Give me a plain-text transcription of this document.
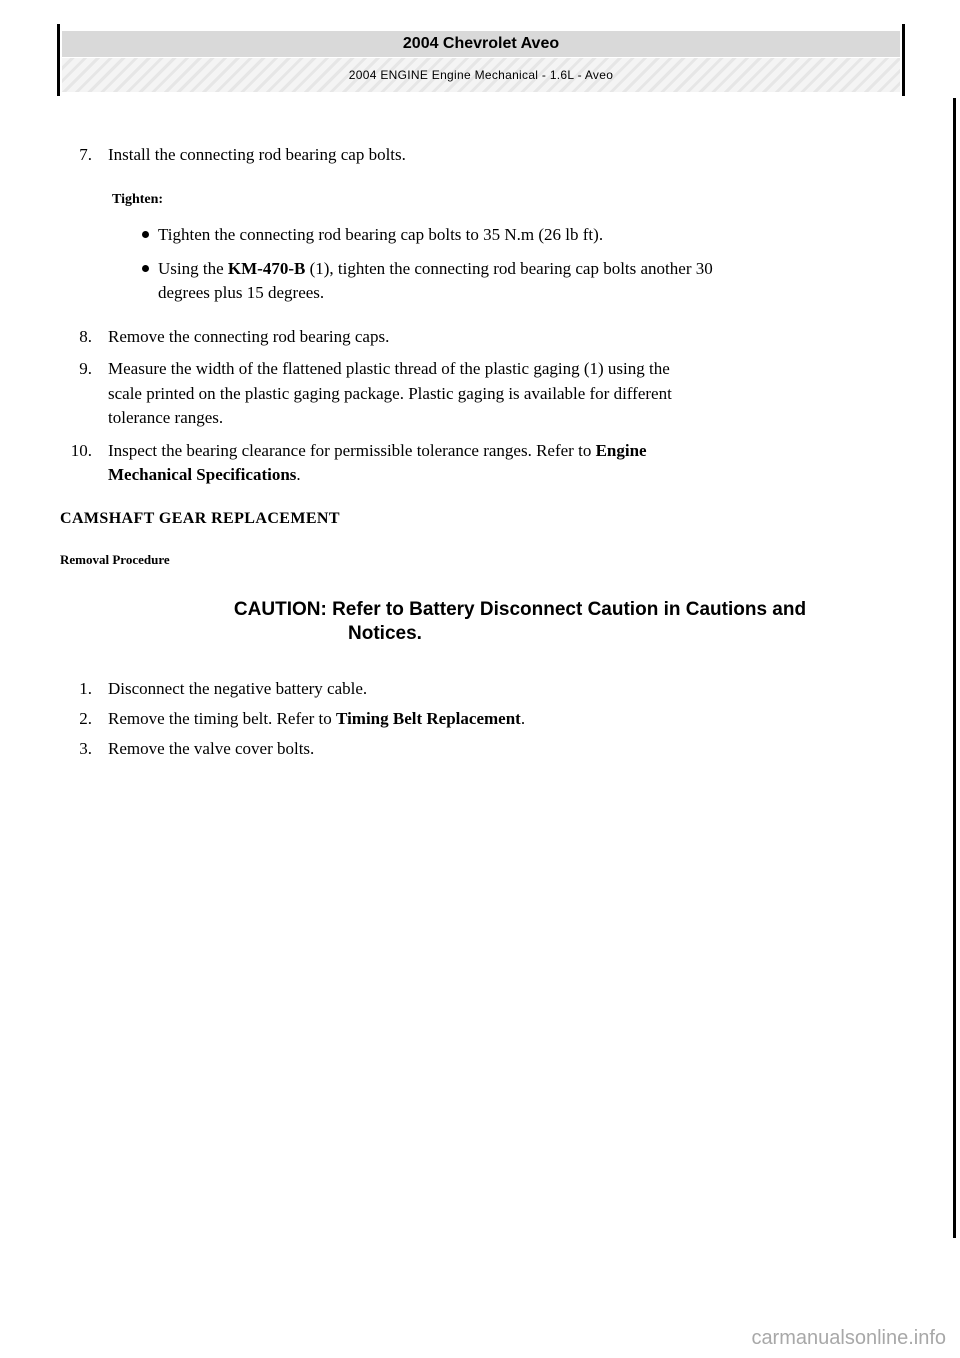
2004 Chevrolet Aveo
2004 ENGINE Engine Mechanical - 1.6L - Aveo
7. Install the connecting rod bearing cap bolts.
Tighten:
Tighten the connecting rod bearing cap bolts to 35 N.m (26 lb ft).
Using the KM-470-B (1), tighten the connecting rod bearing cap bolts another 30
degrees plus 15 degrees.
8. Remove the connecting rod bearing caps.
9. Measure the width of the flattened plastic thread of the plastic gaging (1) using the
scale printed on the plastic gaging package. Plastic gaging is available for different
tolerance ranges.
10. Inspect the bearing clearance for permissible tolerance ranges. Refer to Engine
Mechanical Specifications.
CAMSHAFT GEAR REPLACEMENT
Removal Procedure
CAUTION: Refer to Battery Disconnect Caution in Cautions and
Notices.
1. Disconnect the negative battery cable.
2. Remove the timing belt. Refer to Timing Belt Replacement.
3. Remove the valve cover bolts.
carmanualsonline.info
